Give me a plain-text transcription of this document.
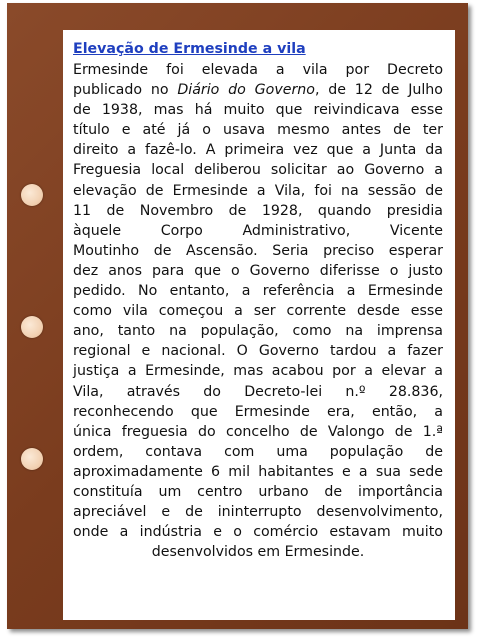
Elevação de Ermesinde a vila
Ermesinde foi elevada a vila por Decreto
publicado no Diário do Governo, de 12 de Julho
de 1938, mas há muito que reivindicava esse
título e até já o usava mesmo antes de ter
direito a fazê-lo. A primeira vez que a Junta da
Freguesia local deliberou solicitar ao Governo a
elevação de Ermesinde a Vila, foi na sessão de
11 de Novembro de 1928, quando presidia
àquele Corpo Administrativo, Vicente
Moutinho de Ascensão. Seria preciso esperar
dez anos para que o Governo diferisse o justo
pedido. No entanto, a referência a Ermesinde
como vila começou a ser corrente desde esse
ano, tanto na população, como na imprensa
regional e nacional. O Governo tardou a fazer
justiça a Ermesinde, mas acabou por a elevar a
Vila, através do Decreto-lei n.º 28.836,
reconhecendo que Ermesinde era, então, a
única freguesia do concelho de Valongo de 1.ª
ordem, contava com uma população de
aproximadamente 6 mil habitantes e a sua sede
constituía um centro urbano de importância
apreciável e de ininterrupto desenvolvimento,
onde a indústria e o comércio estavam muito
desenvolvidos em Ermesinde.
